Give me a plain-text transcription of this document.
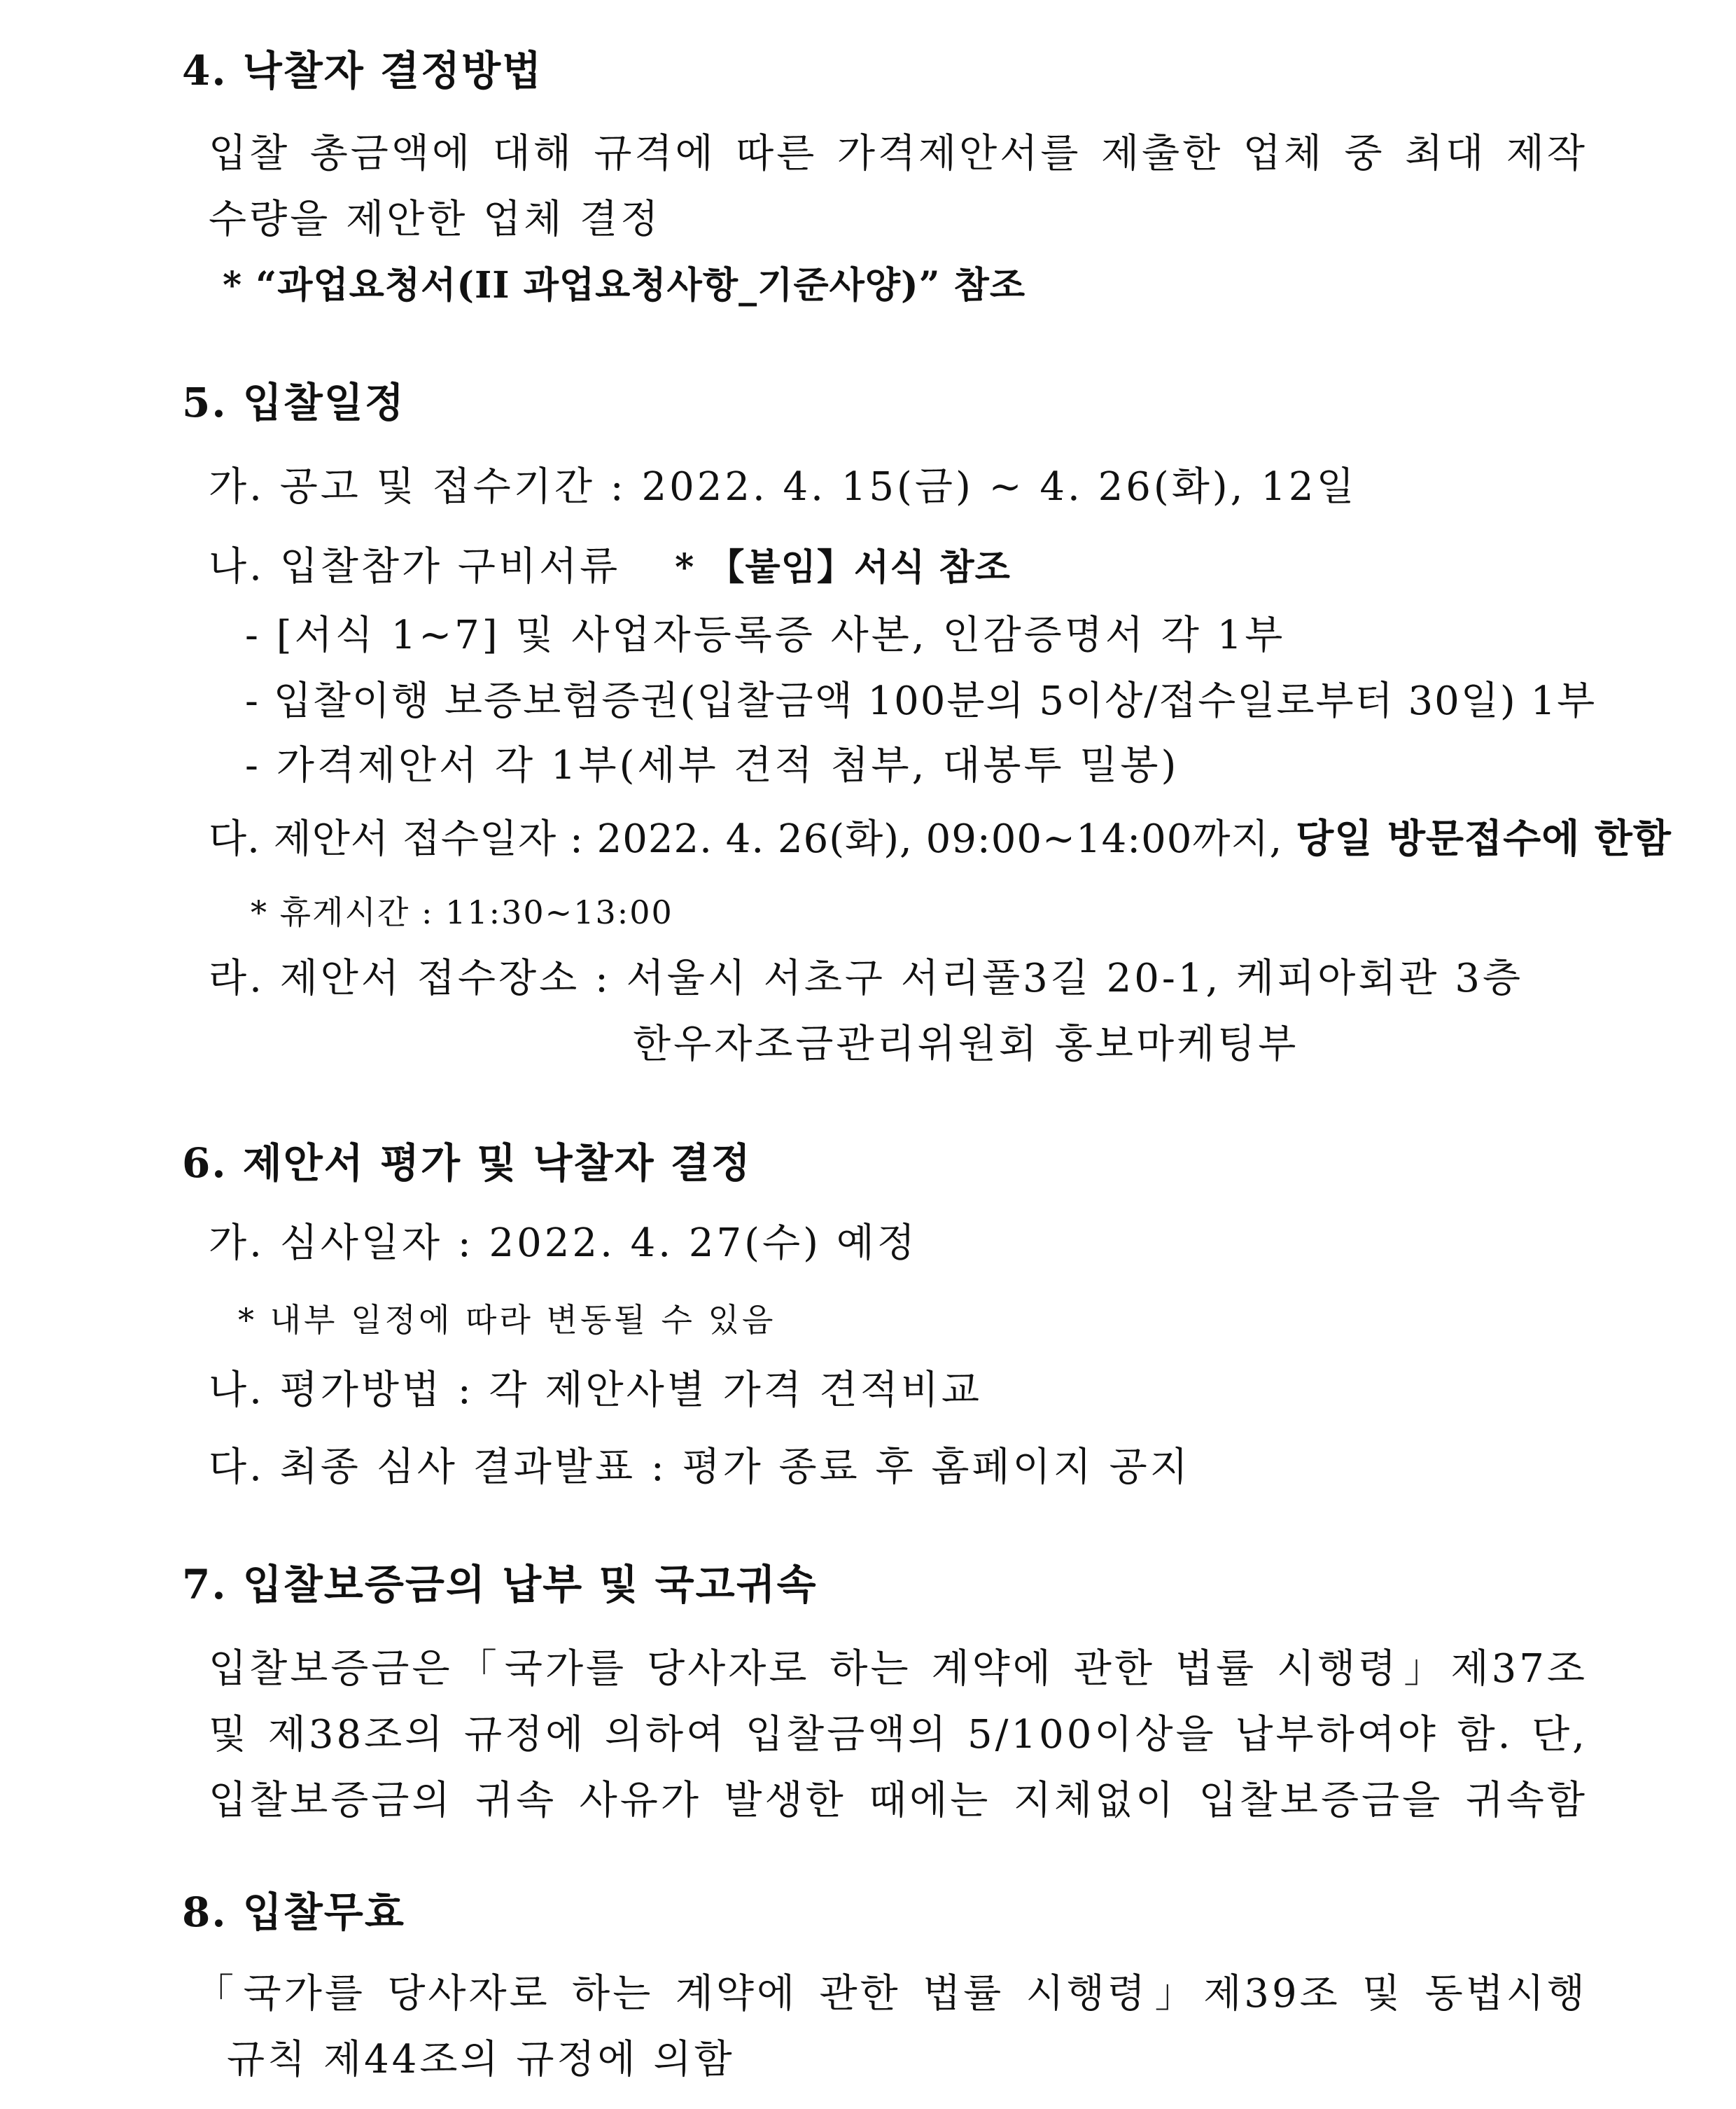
4. 낙찰자 결정방법
입찰 총금액에 대해 규격에 따른 가격제안서를 제출한 업체 중 최대 제작
수량을 제안한 업체 결정
* “과업요청서(II 과업요청사항_기준사양)” 참조
5. 입찰일정
가. 공고 및 접수기간 : 2022. 4. 15(금) ~ 4. 26(화), 12일
나. 입찰참가 구비서류 * 【붙임】서식 참조
- [서식 1~7] 및 사업자등록증 사본, 인감증명서 각 1부
- 입찰이행 보증보험증권(입찰금액 100분의 5이상/접수일로부터 30일) 1부
- 가격제안서 각 1부(세부 견적 첨부, 대봉투 밀봉)
다. 제안서 접수일자 : 2022. 4. 26(화), 09:00~14:00까지, 당일 방문접수에 한함
* 휴게시간 : 11:30~13:00
라. 제안서 접수장소 : 서울시 서초구 서리풀3길 20-1, 케피아회관 3층
한우자조금관리위원회 홍보마케팅부
6. 제안서 평가 및 낙찰자 결정
가. 심사일자 : 2022. 4. 27(수) 예정
* 내부 일정에 따라 변동될 수 있음
나. 평가방법 : 각 제안사별 가격 견적비교
다. 최종 심사 결과발표 : 평가 종료 후 홈페이지 공지
7. 입찰보증금의 납부 및 국고귀속
입찰보증금은「국가를 당사자로 하는 계약에 관한 법률 시행령」제37조
및 제38조의 규정에 의하여 입찰금액의 5/100이상을 납부하여야 함. 단,
입찰보증금의 귀속 사유가 발생한 때에는 지체없이 입찰보증금을 귀속함
8. 입찰무효
「국가를 당사자로 하는 계약에 관한 법률 시행령」제39조 및 동법시행
규칙 제44조의 규정에 의함
